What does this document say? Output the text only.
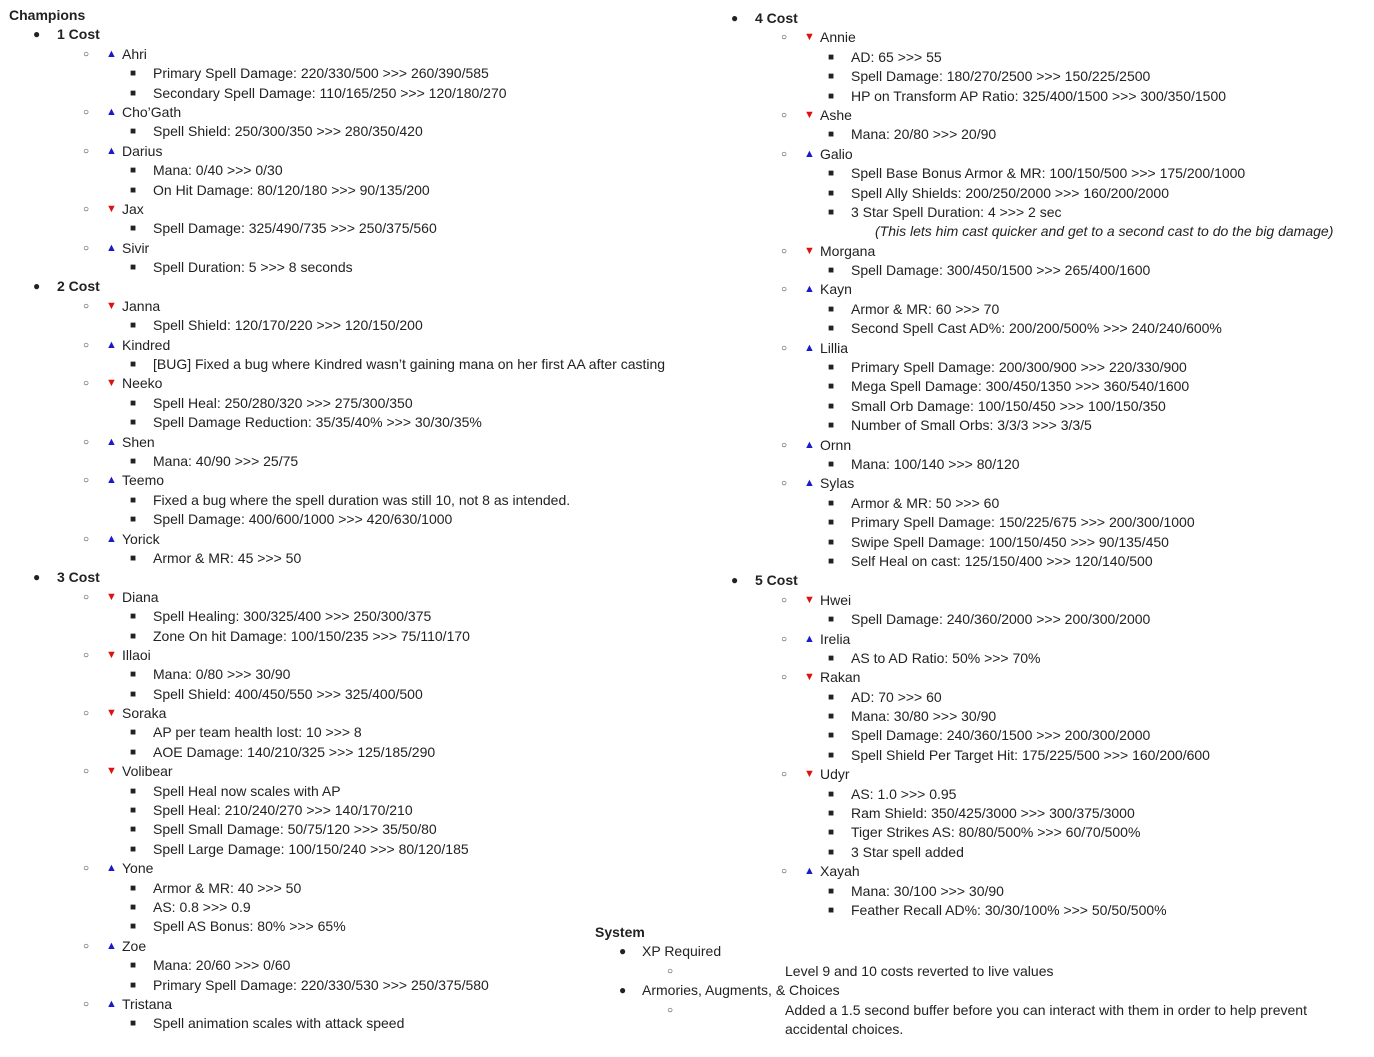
Champions
● 1 Cost
○ ▲ Ahri
■ Primary Spell Damage: 220/330/500 >>> 260/390/585
■ Secondary Spell Damage: 110/165/250 >>> 120/180/270
○ ▲ Cho’Gath
■ Spell Shield: 250/300/350 >>> 280/350/420
○ ▲ Darius
■ Mana: 0/40 >>> 0/30
■ On Hit Damage: 80/120/180 >>> 90/135/200
○ ▼ Jax
■ Spell Damage: 325/490/735 >>> 250/375/560
○ ▲ Sivir
■ Spell Duration: 5 >>> 8 seconds
● 2 Cost
○ ▼ Janna
■ Spell Shield: 120/170/220 >>> 120/150/200
○ ▲ Kindred
■ [BUG] Fixed a bug where Kindred wasn’t gaining mana on her first AA after casting
○ ▼ Neeko
■ Spell Heal: 250/280/320 >>> 275/300/350
■ Spell Damage Reduction: 35/35/40% >>> 30/30/35%
○ ▲ Shen
■ Mana: 40/90 >>> 25/75
○ ▲ Teemo
■ Fixed a bug where the spell duration was still 10, not 8 as intended.
■ Spell Damage: 400/600/1000 >>> 420/630/1000
○ ▲ Yorick
■ Armor & MR: 45 >>> 50
● 3 Cost
○ ▼ Diana
■ Spell Healing: 300/325/400 >>> 250/300/375
■ Zone On hit Damage: 100/150/235 >>> 75/110/170
○ ▼ Illaoi
■ Mana: 0/80 >>> 30/90
■ Spell Shield: 400/450/550 >>> 325/400/500
○ ▼ Soraka
■ AP per team health lost: 10 >>> 8
■ AOE Damage: 140/210/325 >>> 125/185/290
○ ▼ Volibear
■ Spell Heal now scales with AP
■ Spell Heal: 210/240/270 >>> 140/170/210
■ Spell Small Damage: 50/75/120 >>> 35/50/80
■ Spell Large Damage: 100/150/240 >>> 80/120/185
○ ▲ Yone
■ Armor & MR: 40 >>> 50
■ AS: 0.8 >>> 0.9
■ Spell AS Bonus: 80% >>> 65%
○ ▲ Zoe
■ Mana: 20/60 >>> 0/60
■ Primary Spell Damage: 220/330/530 >>> 250/375/580
○ ▲ Tristana
■ Spell animation scales with attack speed
● 4 Cost
○ ▼ Annie
■ AD: 65 >>> 55
■ Spell Damage: 180/270/2500 >>> 150/225/2500
■ HP on Transform AP Ratio: 325/400/1500 >>> 300/350/1500
○ ▼ Ashe
■ Mana: 20/80 >>> 20/90
○ ▲ Galio
■ Spell Base Bonus Armor & MR: 100/150/500 >>> 175/200/1000
■ Spell Ally Shields: 200/250/2000 >>> 160/200/2000
■ 3 Star Spell Duration: 4 >>> 2 sec
(This lets him cast quicker and get to a second cast to do the big damage)
○ ▼ Morgana
■ Spell Damage: 300/450/1500 >>> 265/400/1600
○ ▲ Kayn
■ Armor & MR: 60 >>> 70
■ Second Spell Cast AD%: 200/200/500% >>> 240/240/600%
○ ▲ Lillia
■ Primary Spell Damage: 200/300/900 >>> 220/330/900
■ Mega Spell Damage: 300/450/1350 >>> 360/540/1600
■ Small Orb Damage: 100/150/450 >>> 100/150/350
■ Number of Small Orbs: 3/3/3 >>> 3/3/5
○ ▲ Ornn
■ Mana: 100/140 >>> 80/120
○ ▲ Sylas
■ Armor & MR: 50 >>> 60
■ Primary Spell Damage: 150/225/675 >>> 200/300/1000
■ Swipe Spell Damage: 100/150/450 >>> 90/135/450
■ Self Heal on cast: 125/150/400 >>> 120/140/500
● 5 Cost
○ ▼ Hwei
■ Spell Damage: 240/360/2000 >>> 200/300/2000
○ ▲ Irelia
■ AS to AD Ratio: 50% >>> 70%
○ ▼ Rakan
■ AD: 70 >>> 60
■ Mana: 30/80 >>> 30/90
■ Spell Damage: 240/360/1500 >>> 200/300/2000
■ Spell Shield Per Target Hit: 175/225/500 >>> 160/200/600
○ ▼ Udyr
■ AS: 1.0 >>> 0.95
■ Ram Shield: 350/425/3000 >>> 300/375/3000
■ Tiger Strikes AS: 80/80/500% >>> 60/70/500%
■ 3 Star spell added
○ ▲ Xayah
■ Mana: 30/100 >>> 30/90
■ Feather Recall AD%: 30/30/100% >>> 50/50/500%
System
● XP Required
○	Level 9 and 10 costs reverted to live values
● Armories, Augments, & Choices
○	Added a 1.5 second buffer before you can interact with them in order to help prevent accidental choices.
